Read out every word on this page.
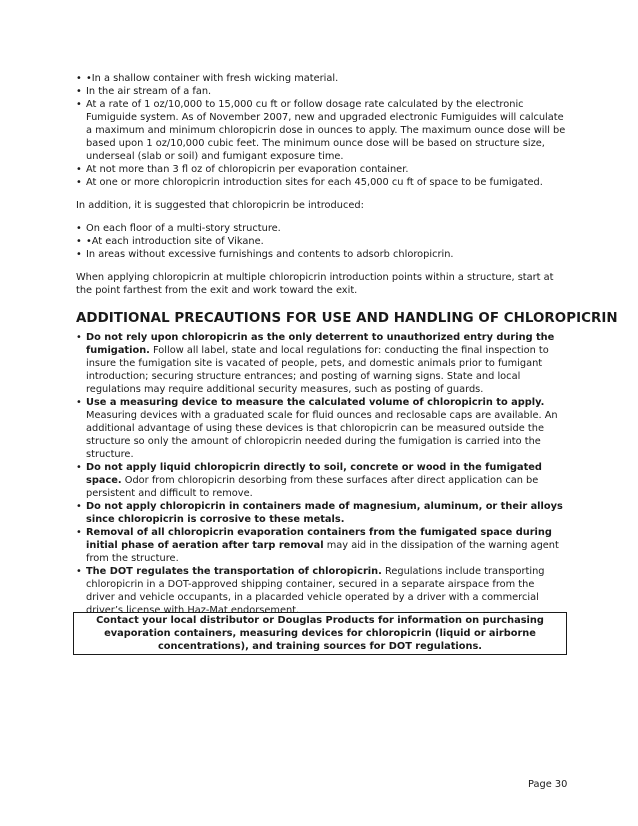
• •In a shallow container with fresh wicking material.
• In the air stream of a fan.
• At a rate of 1 oz/10,000 to 15,000 cu ft or follow dosage rate calculated by the electronic Fumiguide system. As of November 2007, new and upgraded electronic Fumiguides will calculate a maximum and minimum chloropicrin dose in ounces to apply. The maximum ounce dose will be based upon 1 oz/10,000 cubic feet. The minimum ounce dose will be based on structure size, underseal (slab or soil) and fumigant exposure time.
• At not more than 3 fl oz of chloropicrin per evaporation container.
• At one or more chloropicrin introduction sites for each 45,000 cu ft of space to be fumigated.

In addition, it is suggested that chloropicrin be introduced:

• On each floor of a multi-story structure.
• •At each introduction site of Vikane.
• In areas without excessive furnishings and contents to adsorb chloropicrin.

When applying chloropicrin at multiple chloropicrin introduction points within a structure, start at the point farthest from the exit and work toward the exit.

ADDITIONAL PRECAUTIONS FOR USE AND HANDLING OF CHLOROPICRIN
• Do not rely upon chloropicrin as the only deterrent to unauthorized entry during the fumigation. Follow all label, state and local regulations for: conducting the final inspection to insure the fumigation site is vacated of people, pets, and domestic animals prior to fumigant introduction; securing structure entrances; and posting of warning signs. State and local regulations may require additional security measures, such as posting of guards.
• Use a measuring device to measure the calculated volume of chloropicrin to apply. Measuring devices with a graduated scale for fluid ounces and reclosable caps are available. An additional advantage of using these devices is that chloropicrin can be measured outside the structure so only the amount of chloropicrin needed during the fumigation is carried into the structure.
• Do not apply liquid chloropicrin directly to soil, concrete or wood in the fumigated space. Odor from chloropicrin desorbing from these surfaces after direct application can be persistent and difficult to remove.
• Do not apply chloropicrin in containers made of magnesium, aluminum, or their alloys since chloropicrin is corrosive to these metals.
• Removal of all chloropicrin evaporation containers from the fumigated space during initial phase of aeration after tarp removal may aid in the dissipation of the warning agent from the structure.
• The DOT regulates the transportation of chloropicrin. Regulations include transporting chloropicrin in a DOT-approved shipping container, secured in a separate airspace from the driver and vehicle occupants, in a placarded vehicle operated by a driver with a commercial driver’s license with Haz-Mat endorsement.
Contact your local distributor or Douglas Products for information on purchasing evaporation containers, measuring devices for chloropicrin (liquid or airborne concentrations), and training sources for DOT regulations.
Page 30
